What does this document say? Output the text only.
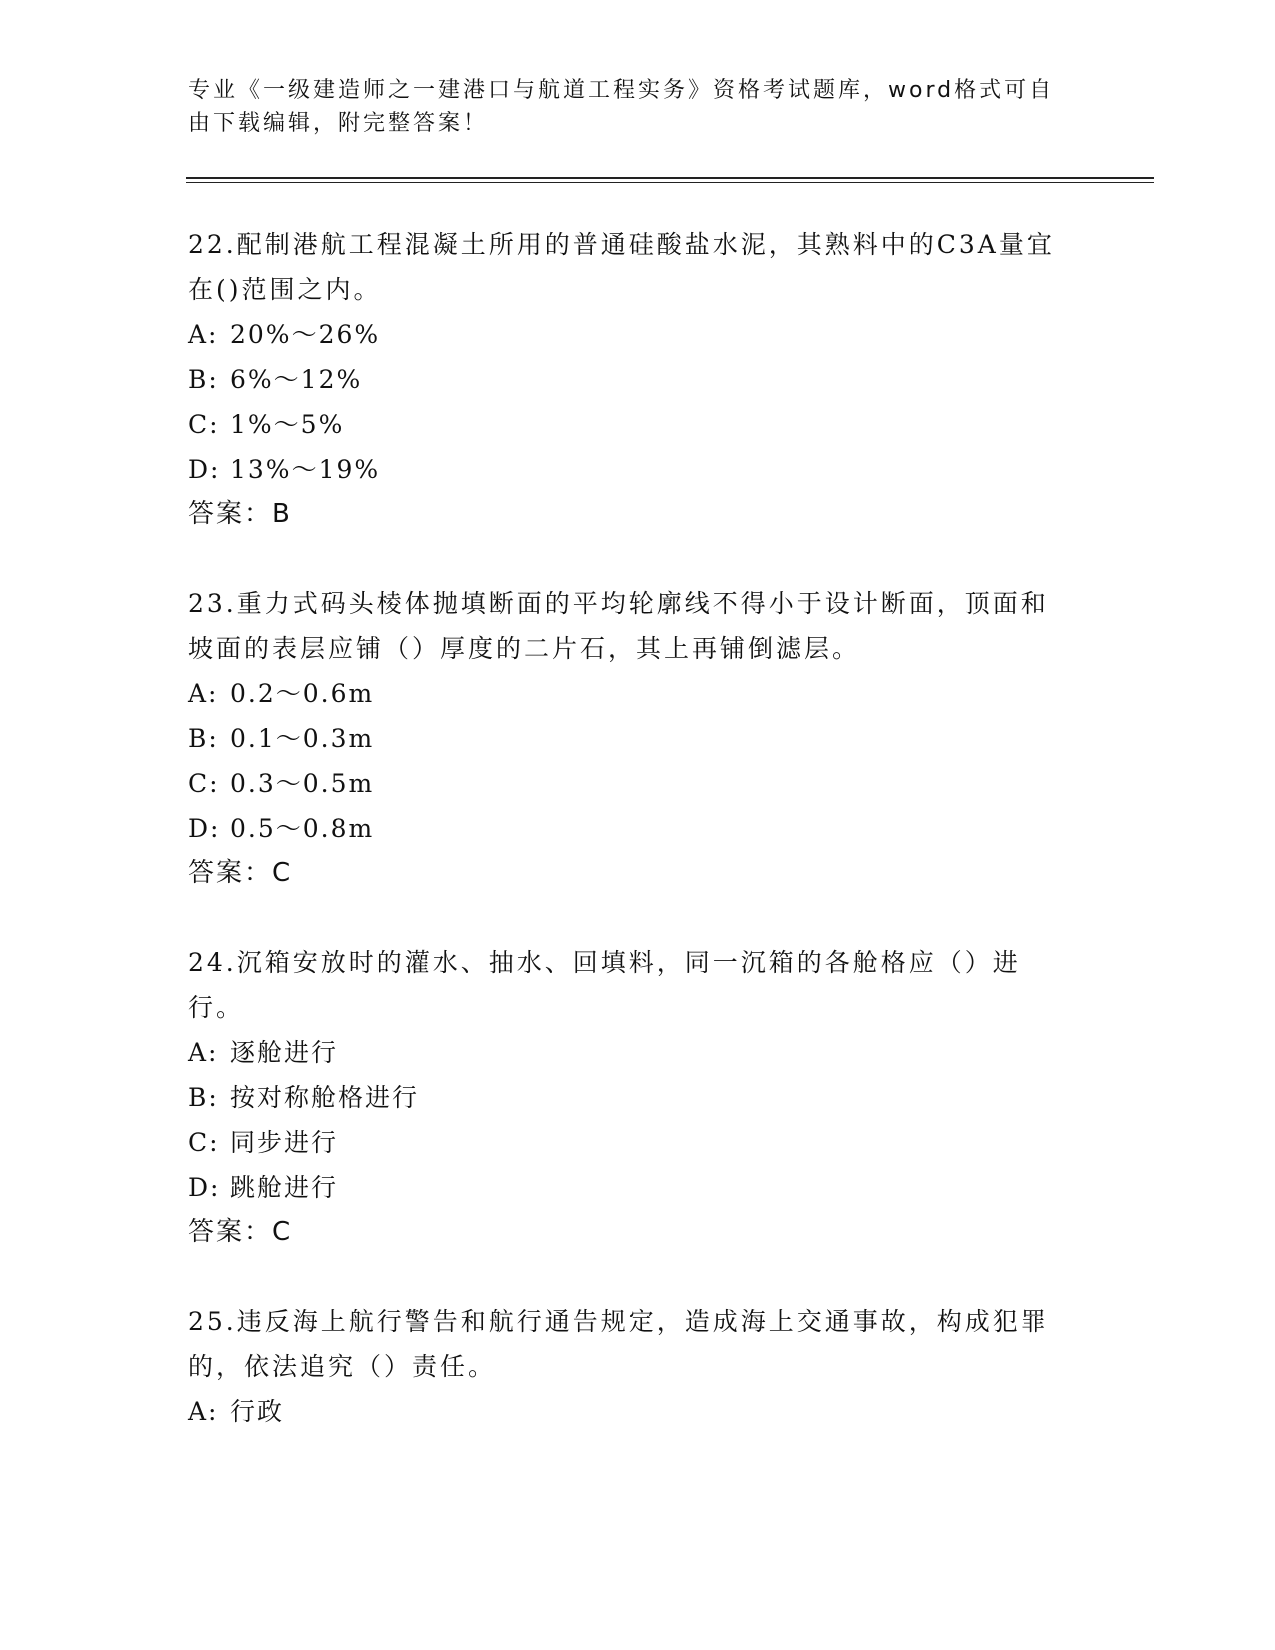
专业《一级建造师之一建港口与航道工程实务》资格考试题库，word格式可自由下载编辑，附完整答案！

22.配制港航工程混凝土所用的普通硅酸盐水泥，其熟料中的C3A量宜在()范围之内。

A: 20%～26%

B: 6%～12%

C: 1%～5%

D: 13%～19%

答案：B

23.重力式码头棱体抛填断面的平均轮廓线不得小于设计断面，顶面和坡面的表层应铺（）厚度的二片石，其上再铺倒滤层。

A: 0.2～0.6m

B: 0.1～0.3m

C: 0.3～0.5m

D: 0.5～0.8m

答案：C

24.沉箱安放时的灌水、抽水、回填料，同一沉箱的各舱格应（）进行。

A: 逐舱进行

B: 按对称舱格进行

C: 同步进行

D: 跳舱进行

答案：C

25.违反海上航行警告和航行通告规定，造成海上交通事故，构成犯罪的，依法追究（）责任。

A: 行政
